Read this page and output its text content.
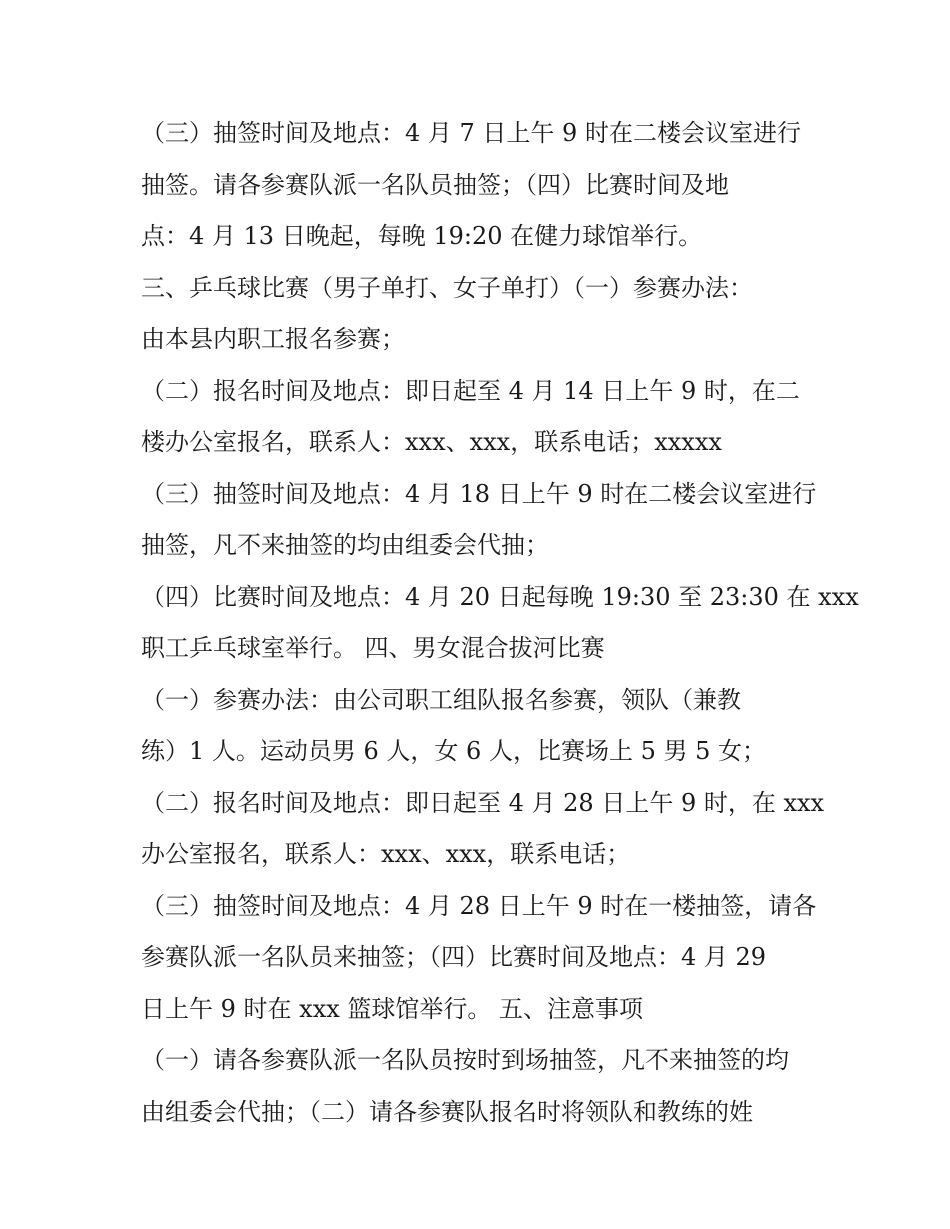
（三）抽签时间及地点：4 月 7 日上午 9 时在二楼会议室进行
抽签。请各参赛队派一名队员抽签；（四）比赛时间及地
点：4 月 13 日晚起，每晚 19:20 在健力球馆举行。
三、乒乓球比赛（男子单打、女子单打）（一）参赛办法：
由本县内职工报名参赛；
（二）报名时间及地点：即日起至 4 月 14 日上午 9 时，在二
楼办公室报名，联系人：xxx、xxx，联系电话；xxxxx
（三）抽签时间及地点：4 月 18 日上午 9 时在二楼会议室进行
抽签，凡不来抽签的均由组委会代抽；
（四）比赛时间及地点：4 月 20 日起每晚 19:30 至 23:30 在 xxx
职工乒乓球室举行。 四、男女混合拔河比赛
（一）参赛办法：由公司职工组队报名参赛，领队（兼教
练）1 人。运动员男 6 人，女 6 人，比赛场上 5 男 5 女；
（二）报名时间及地点：即日起至 4 月 28 日上午 9 时，在 xxx
办公室报名，联系人：xxx、xxx，联系电话；
（三）抽签时间及地点：4 月 28 日上午 9 时在一楼抽签，请各
参赛队派一名队员来抽签；（四）比赛时间及地点：4 月 29
日上午 9 时在 xxx 篮球馆举行。 五、注意事项
（一）请各参赛队派一名队员按时到场抽签，凡不来抽签的均
由组委会代抽；（二）请各参赛队报名时将领队和教练的姓
